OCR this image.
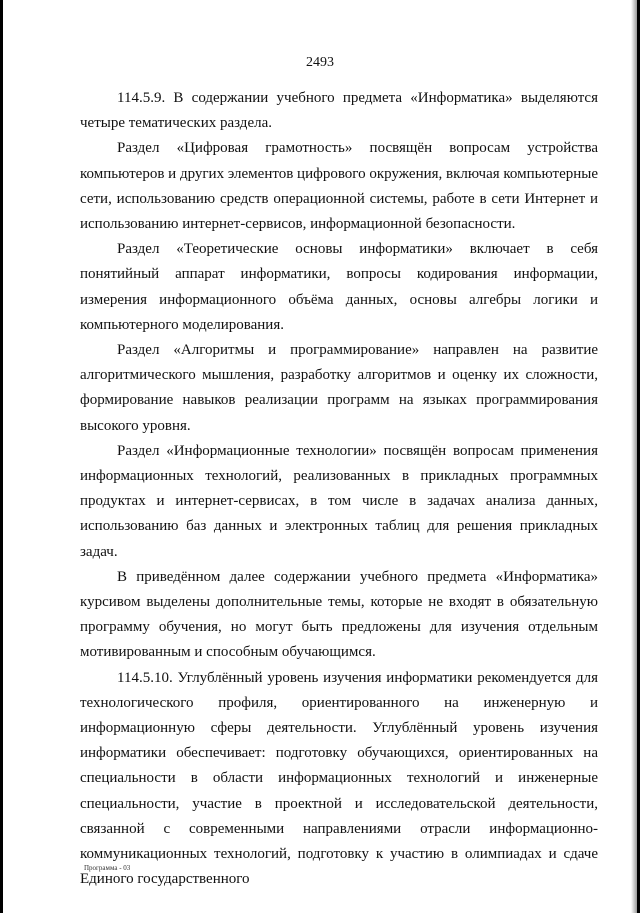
2493

114.5.9. В содержании учебного предмета «Информатика» выделяются четыре тематических раздела.

Раздел «Цифровая грамотность» посвящён вопросам устройства компьютеров и других элементов цифрового окружения, включая компьютерные сети, использованию средств операционной системы, работе в сети Интернет и использованию интернет-сервисов, информационной безопасности.

Раздел «Теоретические основы информатики» включает в себя понятийный аппарат информатики, вопросы кодирования информации, измерения информационного объёма данных, основы алгебры логики и компьютерного моделирования.

Раздел «Алгоритмы и программирование» направлен на развитие алгоритмического мышления, разработку алгоритмов и оценку их сложности, формирование навыков реализации программ на языках программирования высокого уровня.

Раздел «Информационные технологии» посвящён вопросам применения информационных технологий, реализованных в прикладных программных продуктах и интернет-сервисах, в том числе в задачах анализа данных, использованию баз данных и электронных таблиц для решения прикладных задач.

В приведённом далее содержании учебного предмета «Информатика» курсивом выделены дополнительные темы, которые не входят в обязательную программу обучения, но могут быть предложены для изучения отдельным мотивированным и способным обучающимся.

114.5.10. Углублённый уровень изучения информатики рекомендуется для технологического профиля, ориентированного на инженерную и информационную сферы деятельности. Углублённый уровень изучения информатики обеспечивает: подготовку обучающихся, ориентированных на специальности в области информационных технологий и инженерные специальности, участие в проектной и исследовательской деятельности, связанной с современными направлениями отрасли информационно-коммуникационных технологий, подготовку к участию в олимпиадах и сдаче Единого государственного

Программа - 03
